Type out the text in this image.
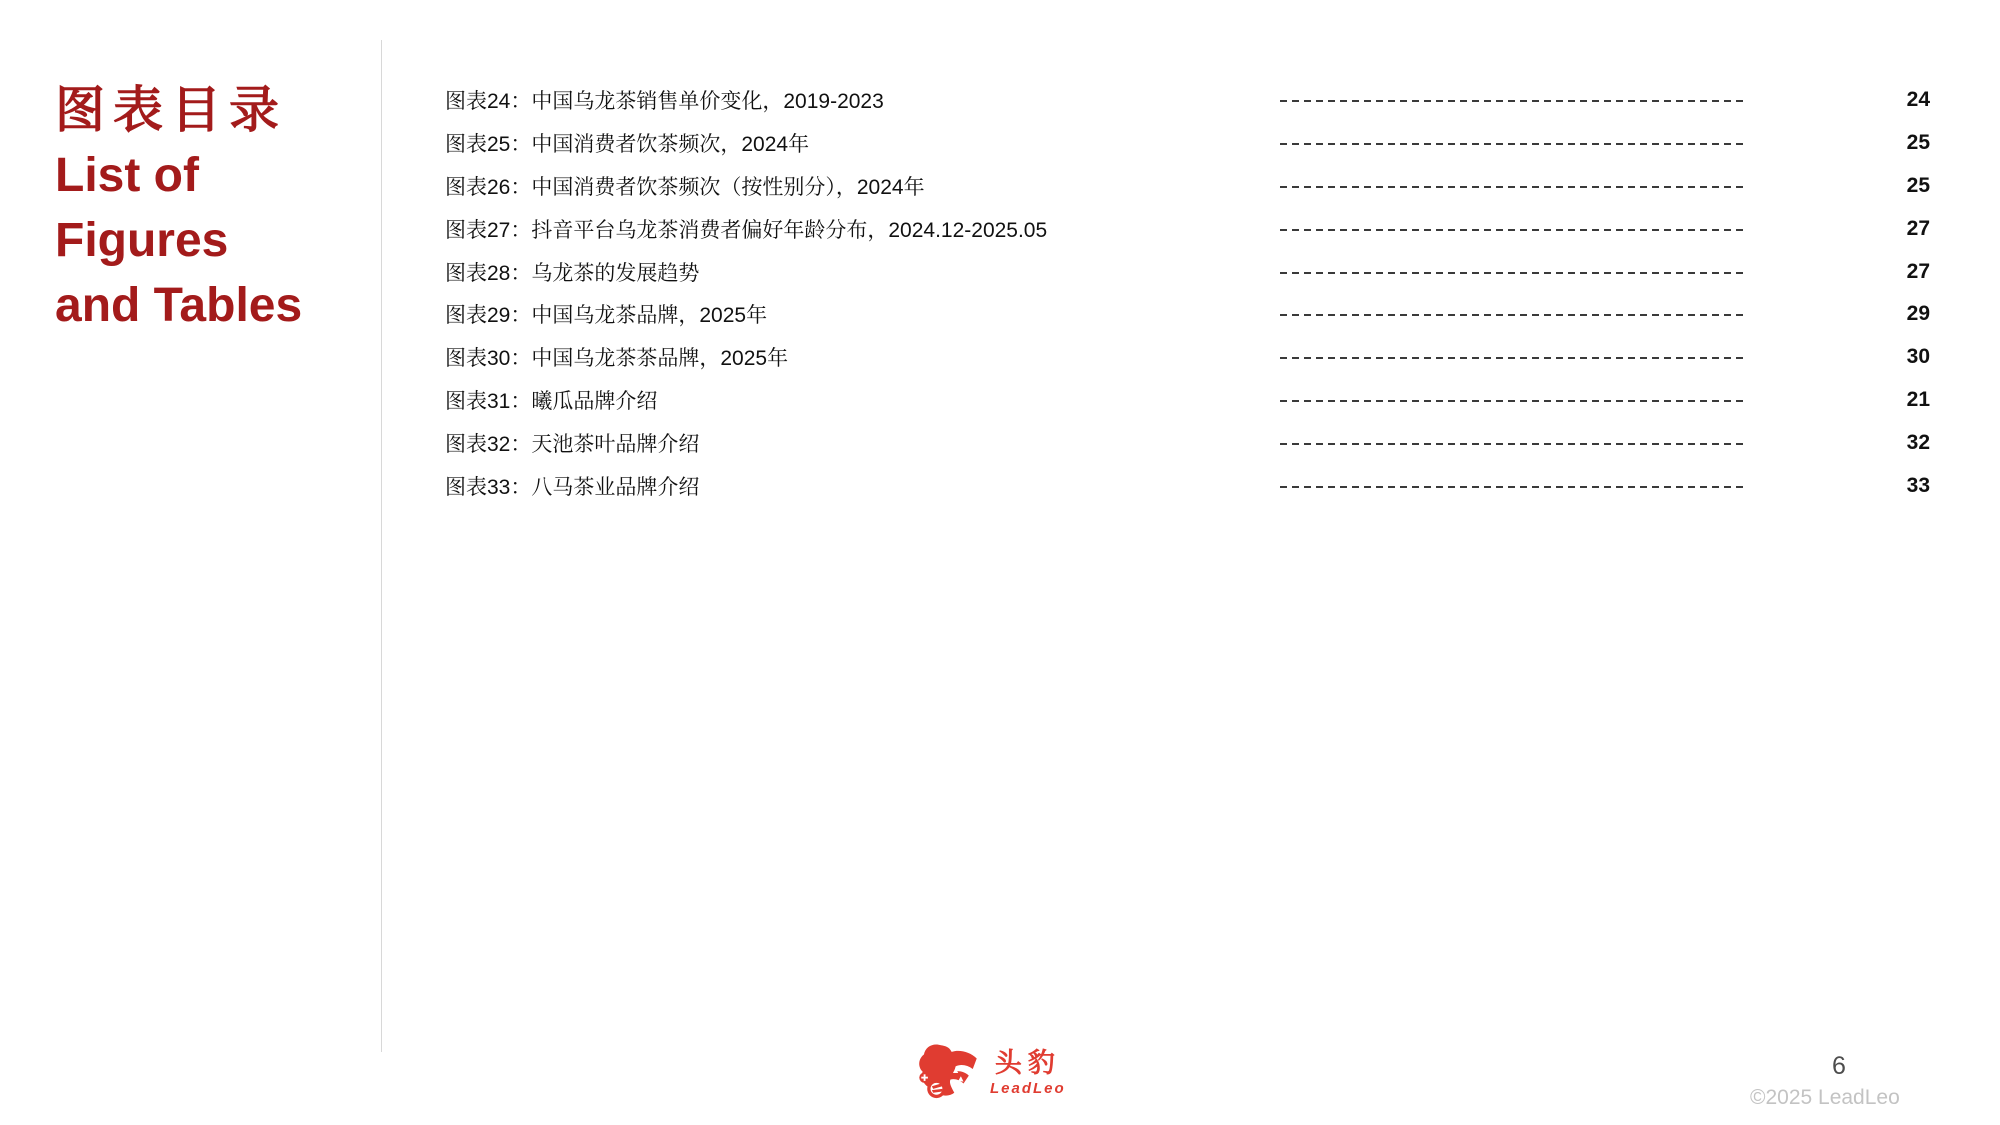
图表目录
List of
Figures
and Tables
图表24：中国乌龙茶销售单价变化，2019-2023	24
图表25：中国消费者饮茶频次，2024年	25
图表26：中国消费者饮茶频次（按性别分），2024年	25
图表27：抖音平台乌龙茶消费者偏好年龄分布，2024.12-2025.05	27
图表28：乌龙茶的发展趋势	27
图表29：中国乌龙茶品牌，2025年	29
图表30：中国乌龙茶茶品牌，2025年	30
图表31：曦瓜品牌介绍	21
图表32：天池茶叶品牌介绍	32
图表33：八马茶业品牌介绍	33
头豹
LeadLeo
6
©2025 LeadLeo
